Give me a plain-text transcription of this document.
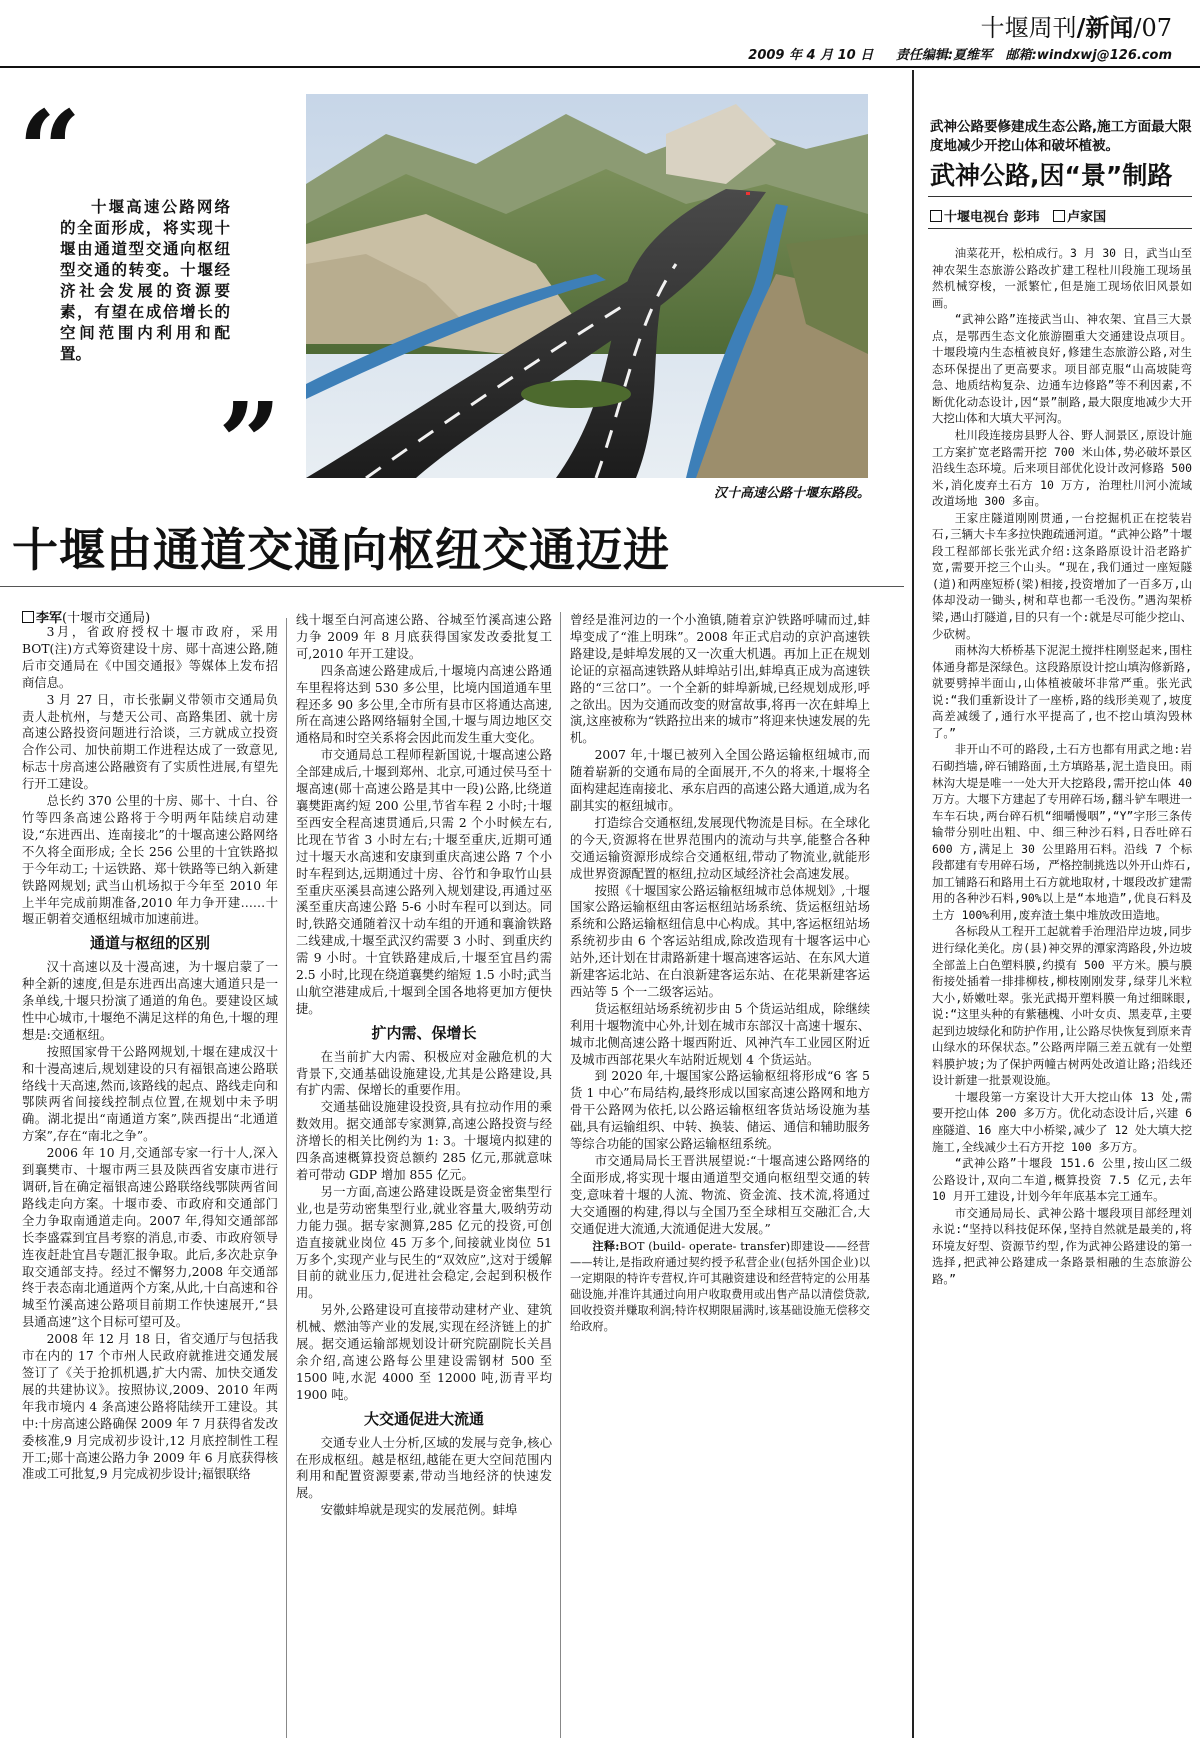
十堰周刊/新闻/07
2009 年 4 月 10 日 责任编辑:夏维军 邮箱:windxwj@126.com
“ 十堰高速公路网络的全面形成，将实现十堰由通道型交通向枢纽型交通的转变。十堰经济社会发展的资源要素，有望在成倍增长的空间范围内利用和配置。
”	汉十高速公路十堰东路段。
十堰由通道交通向枢纽交通迈进
李军(十堰市交通局)

3月，省政府授权十堰市政府，采用BOT(注)方式筹资建设十房、郧十高速公路,随后市交通局在《中国交通报》等媒体上发布招商信息。

3 月 27 日，市长张嗣义带领市交通局负责人赴杭州，与楚天公司、高路集团、就十房高速公路投资问题进行洽谈，三方就成立投资合作公司、加快前期工作进程达成了一致意见,标志十房高速公路融资有了实质性进展,有望先行开工建设。

总长约 370 公里的十房、郧十、十白、谷竹等四条高速公路将于今明两年陆续启动建设,“东进西出、连南接北”的十堰高速公路网络不久将全面形成; 全长 256 公里的十宜铁路拟于今年动工; 十运铁路、郑十铁路等已纳入新建铁路网规划; 武当山机场拟于今年至 2010 年上半年完成前期准备,2010 年力争开建……十堰正朝着交通枢纽城市加速前进。

通道与枢纽的区别

汉十高速以及十漫高速，为十堰启蒙了一种全新的速度,但是东进西出高速大通道只是一条单线,十堰只扮演了通道的角色。要建设区域性中心城市,十堰绝不满足这样的角色,十堰的理想是:交通枢纽。

按照国家骨干公路网规划,十堰在建成汉十和十漫高速后,规划建设的只有福银高速公路联络线十天高速,然而,该路线的起点、路线走向和鄂陕两省间接线控制点位置,在规划中未予明确。湖北提出“南通道方案”,陕西提出“北通道方案”,存在“南北之争”。

2006 年 10 月,交通部专家一行十人,深入到襄樊市、十堰市两三县及陕西省安康市进行调研,旨在确定福银高速公路联络线鄂陕两省间路线走向方案。十堰市委、市政府和交通部门全力争取南通道走向。2007 年,得知交通部部长李盛霖到宜昌考察的消息,市委、市政府领导连夜赶赴宜昌专题汇报争取。此后,多次赴京争取交通部支持。经过不懈努力,2008 年交通部终于表态南北通道两个方案,从此,十白高速和谷城至竹溪高速公路项目前期工作快速展开,“县县通高速”这个目标可望可及。

2008 年 12 月 18 日，省交通厅与包括我市在内的 17 个市州人民政府就推进交通发展签订了《关于抢抓机遇,扩大内需、加快交通发展的共建协议》。按照协议,2009、2010 年两年我市境内 4 条高速公路将陆续开工建设。其中:十房高速公路确保 2009 年 7 月获得省发改委核准,9 月完成初步设计,12 月底控制性工程开工;郧十高速公路力争 2009 年 6 月底获得核准或工可批复,9 月完成初步设计;福银联络

线十堰至白河高速公路、谷城至竹溪高速公路力争 2009 年 8 月底获得国家发改委批复工可,2010 年开工建设。

四条高速公路建成后,十堰境内高速公路通车里程将达到 530 多公里，比境内国道通车里程还多 90 多公里,全市所有县市区将通达高速,所在高速公路网络辐射全国,十堰与周边地区交通格局和时空关系将会因此而发生重大变化。

市交通局总工程师程新国说,十堰高速公路全部建成后,十堰到郑州、北京,可通过侯马至十堰高速(郧十高速公路是其中一段)公路,比绕道襄樊距离约短 200 公里,节省车程 2 小时;十堰至西安全程高速贯通后,只需 2 个小时候左右,比现在节省 3 小时左右;十堰至重庆,近期可通过十堰天水高速和安康到重庆高速公路 7 个小时车程到达,远期通过十房、谷竹和争取竹山县至重庆巫溪县高速公路列入规划建设,再通过巫溪至重庆高速公路 5-6 小时车程可以到达。同时,铁路交通随着汉十动车组的开通和襄渝铁路二线建成,十堰至武汉约需要 3 小时、到重庆约需 9 小时。十宜铁路建成后,十堰至宜昌约需 2.5 小时,比现在绕道襄樊约缩短 1.5 小时;武当山航空港建成后,十堰到全国各地将更加方便快捷。

扩内需、保增长

在当前扩大内需、积极应对金融危机的大背景下,交通基础设施建设,尤其是公路建设,具有扩内需、保增长的重要作用。

交通基础设施建设投资,具有拉动作用的乘数效用。据交通部专家测算,高速公路投资与经济增长的相关比例约为 1: 3。十堰境内拟建的四条高速概算投资总额约 285 亿元,那就意味着可带动 GDP 增加 855 亿元。

另一方面,高速公路建设既是资金密集型行业,也是劳动密集型行业,就业容量大,吸纳劳动力能力强。据专家测算,285 亿元的投资,可创造直接就业岗位 45 万多个,间接就业岗位 51 万多个,实现产业与民生的“双效应”,这对于缓解目前的就业压力,促进社会稳定,会起到积极作用。

另外,公路建设可直接带动建材产业、建筑机械、燃油等产业的发展,实现在经济链上的扩展。据交通运输部规划设计研究院副院长关昌余介绍,高速公路每公里建设需钢材 500 至 1500 吨,水泥 4000 至 12000 吨,沥青平均 1900 吨。

大交通促进大流通

交通专业人士分析,区域的发展与竞争,核心在形成枢纽。越是枢纽,越能在更大空间范围内利用和配置资源要素,带动当地经济的快速发展。

安徽蚌埠就是现实的发展范例。蚌埠

曾经是淮河边的一个小渔镇,随着京沪铁路呼啸而过,蚌埠变成了“淮上明珠”。2008 年正式启动的京沪高速铁路建设,是蚌埠发展的又一次重大机遇。再加上正在规划论证的京福高速铁路从蚌埠站引出,蚌埠真正成为高速铁路的“三岔口”。一个全新的蚌埠新城,已经规划成形,呼之欲出。因为交通而改变的财富故事,将再一次在蚌埠上演,这座被称为“铁路拉出来的城市”将迎来快速发展的先机。

2007 年,十堰已被列入全国公路运输枢纽城市,而随着崭新的交通布局的全面展开,不久的将来,十堰将全面构建起连南接北、承东启西的高速公路大通道,成为名副其实的枢纽城市。

打造综合交通枢纽,发展现代物流是目标。在全球化的今天,资源将在世界范围内的流动与共享,能整合各种交通运输资源形成综合交通枢纽,带动了物流业,就能形成世界资源配置的枢纽,拉动区域经济社会高速发展。

按照《十堰国家公路运输枢纽城市总体规划》,十堰国家公路运输枢纽由客运枢纽站场系统、货运枢纽站场系统和公路运输枢纽信息中心构成。其中,客运枢纽站场系统初步由 6 个客运站组成,除改造现有十堰客运中心站外,还计划在甘肃路新建十堰高速客运站、在东风大道新建客运北站、在白浪新建客运东站、在花果新建客运西站等 5 个一二级客运站。

货运枢纽站场系统初步由 5 个货运站组成，除继续利用十堰物流中心外,计划在城市东部汉十高速十堰东、城市北侧高速公路十堰西附近、风神汽车工业园区附近及城市西部花果火车站附近规划 4 个货运站。

到 2020 年,十堰国家公路运输枢纽将形成“6 客 5 货 1 中心”布局结构,最终形成以国家高速公路网和地方骨干公路网为依托,以公路运输枢纽客货站场设施为基础,具有运输组织、中转、换装、储运、通信和辅助服务等综合功能的国家公路运输枢纽系统。

市交通局局长王晋洪展望说:“十堰高速公路网络的全面形成,将实现十堰由通道型交通向枢纽型交通的转变,意味着十堰的人流、物流、资金流、技术流,将通过大交通圈的构建,得以与全国乃至全球相互交融汇合,大交通促进大流通,大流通促进大发展。”

注释:BOT (build- operate- transfer)即建设——经营——转让,是指政府通过契约授予私营企业(包括外国企业)以一定期限的特许专营权,许可其融资建设和经营特定的公用基础设施,并准许其通过向用户收取费用或出售产品以清偿贷款,回收投资并赚取利润;特许权期限届满时,该基础设施无偿移交给政府。

武神公路要修建成生态公路,施工方面最大限度地减少开挖山体和破坏植被。
武神公路,因“景”制路
十堰电视台 彭玮 卢家国

油菜花开，松柏成行。3 月 30 日，武当山至神农架生态旅游公路改扩建工程杜川段施工现场虽然机械穿梭，一派繁忙,但是施工现场依旧风景如画。

“武神公路”连接武当山、神农架、宜昌三大景点，是鄂西生态文化旅游圈重大交通建设点项目。十堰段境内生态植被良好,修建生态旅游公路,对生态环保提出了更高要求。项目部克服“山高坡陡弯急、地质结构复杂、边通车边修路”等不利因素,不断优化动态设计,因“景”制路,最大限度地减少大开大挖山体和大填大平河沟。

杜川段连接房县野人谷、野人洞景区,原设计施工方案扩宽老路需开挖 700 米山体,势必破坏景区沿线生态环境。后来项目部优化设计改河修路 500 米,消化废弃土石方 10 万方, 治理杜川河小流域改道场地 300 多亩。

王家庄隧道刚刚贯通,一台挖掘机正在挖装岩石,三辆大卡车多拉快跑疏通河道。“武神公路”十堰段工程部部长张光武介绍:这条路原设计沿老路扩宽,需要开挖三个山头。“现在,我们通过一座短隧(道)和两座短桥(梁)相接,投资增加了一百多万,山体却没动一锄头,树和草也都一毛没伤。”遇沟架桥梁,遇山打隧道,目的只有一个:就是尽可能少挖山、少砍树。

雨林沟大桥桥基下泥泥土搅拌柱刚竖起来,围柱体通身都是深绿色。这段路原设计挖山填沟修新路,就要劈掉半面山,山体植被破坏非常严重。张光武说:“我们重新设计了一座桥,路的线形美观了,坡度高差减缓了,通行水平提高了,也不挖山填沟毁林了。”

非开山不可的路段,土石方也都有用武之地:岩石砌挡墙,碎石铺路面,土方填路基,泥土造良田。雨林沟大堤是唯一一处大开大挖路段,需开挖山体 40 万方。大堰下方建起了专用碎石场,翻斗铲车喂进一车车石块,两台碎石机“细嚼慢咽”,“Y”字形三条传输带分别吐出粗、中、细三种沙石料,日吞吐碎石 600 方,满足上 30 公里路用石料。沿线 7 个标段都建有专用碎石场, 严格控制挑选以外开山炸石,加工铺路石和路用土石方就地取材,十堰段改扩建需用的各种沙石料,90%以上是“本地造”,优良石料及土方 100%利用,废弃渣土集中堆放改田造地。

各标段从工程开工起就着手治理沿岸边坡,同步进行绿化美化。房(县)神交界的潭家湾路段,外边坡全部盖上白色塑料膜,约摸有 500 平方米。膜与膜衔接处插着一排排柳枝,柳枝刚刚发芽,绿芽儿米粒大小,娇嫩吐翠。张光武揭开塑料膜一角过细眯眼,说:“这里头种的有紫穗槐、小叶女贞、黑麦草,主要起到边坡绿化和防护作用,让公路尽快恢复到原来青山绿水的环保状态。”公路两岸隔三差五就有一处塑料膜护坡;为了保护两幢古树两处改道让路;沿线还设计新建一批景观设施。

十堰段第一方案设计大开大挖山体 13 处,需要开挖山体 200 多万方。优化动态设计后,兴建 6 座隧道、16 座大中小桥梁,减少了 12 处大填大挖施工,全线减少土石方开挖 100 多万方。

“武神公路”十堰段 151.6 公里,按山区二级公路设计,双向二车道,概算投资 7.5 亿元,去年 10 月开工建设,计划今年年底基本完工通车。

市交通局局长、武神公路十堰段项目部经理刘永说:“坚持以科技促环保,坚持自然就是最美的,将环境友好型、资源节约型,作为武神公路建设的第一选择,把武神公路建成一条路景相融的生态旅游公路。”
